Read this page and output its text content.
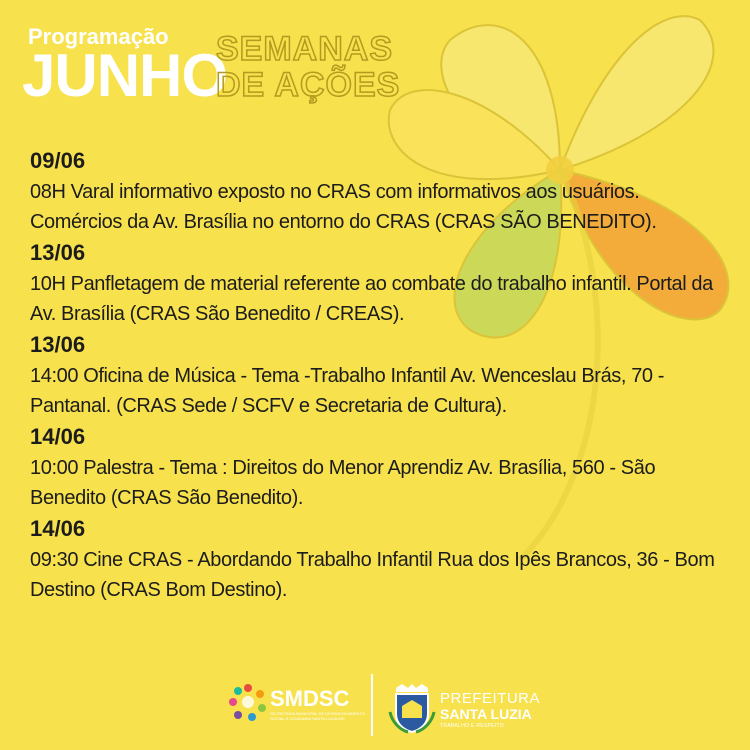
Programação
JUNHO
SEMANAS
DE AÇÕES
09/06
08H Varal informativo exposto no CRAS com informativos aos usuários. Comércios da Av. Brasília no entorno do CRAS (CRAS SÃO BENEDITO).
13/06
10H Panfletagem de material referente ao combate do trabalho infantil. Portal da Av. Brasília (CRAS São Benedito / CREAS).
13/06
14:00 Oficina de Música - Tema -Trabalho Infantil Av. Wenceslau Brás, 70 - Pantanal. (CRAS Sede / SCFV e Secretaria de Cultura).
14/06
10:00 Palestra - Tema : Direitos do Menor Aprendiz Av. Brasília, 560 - São Benedito (CRAS São Benedito).
14/06
09:30 Cine CRAS - Abordando Trabalho Infantil Rua dos Ipês Brancos, 36 - Bom Destino (CRAS Bom Destino).
SMDSC
SECRETARIA MUNICIPAL DE DESENVOLVIMENTO SOCIAL E CIDADANIA SANTA LUZIA MG
PREFEITURA
SANTA LUZIA
TRABALHO E RESPEITO
